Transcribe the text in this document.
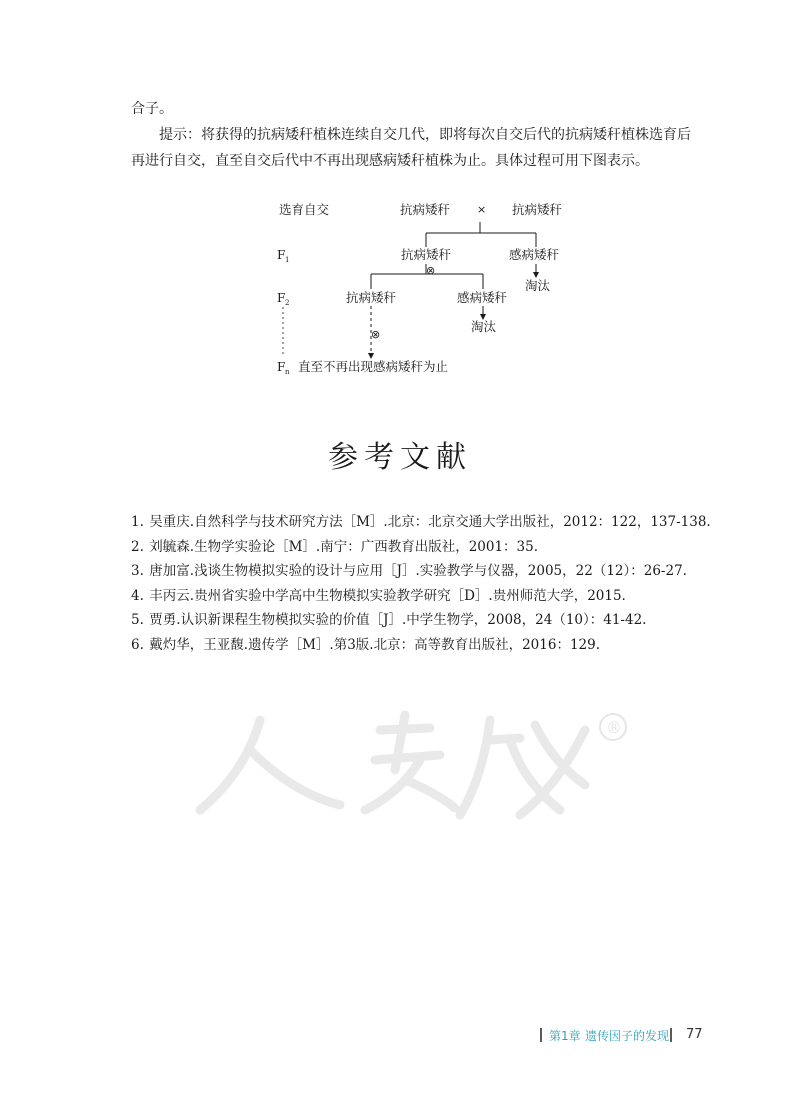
合子。

提示：将获得的抗病矮秆植株连续自交几代，即将每次自交后代的抗病矮秆植株选育后再进行自交，直至自交后代中不再出现感病矮秆植株为止。具体过程可用下图表示。

选育自交	抗病矮秆 × 抗病矮秆
F 1	抗病矮秆	感病矮秆
⊗
淘汰
F 2	抗病矮秆	感病矮秆
淘汰
⊗
F n 直至不再出现感病矮秆为止
参考文献
1. 吴重庆.自然科学与技术研究方法［M］.北京：北京交通大学出版社，2012：122，137-138.
2. 刘毓森.生物学实验论［M］.南宁：广西教育出版社，2001：35.
3. 唐加富.浅谈生物模拟实验的设计与应用［J］.实验教学与仪器，2005，22（12）：26-27.
4. 丰丙云.贵州省实验中学高中生物模拟实验教学研究［D］.贵州师范大学，2015.
5. 贾勇.认识新课程生物模拟实验的价值［J］.中学生物学，2008，24（10）：41-42.
6. 戴灼华，王亚馥.遗传学［M］.第3版.北京：高等教育出版社，2016：129.
®
第1章 遗传因子的发现 77
